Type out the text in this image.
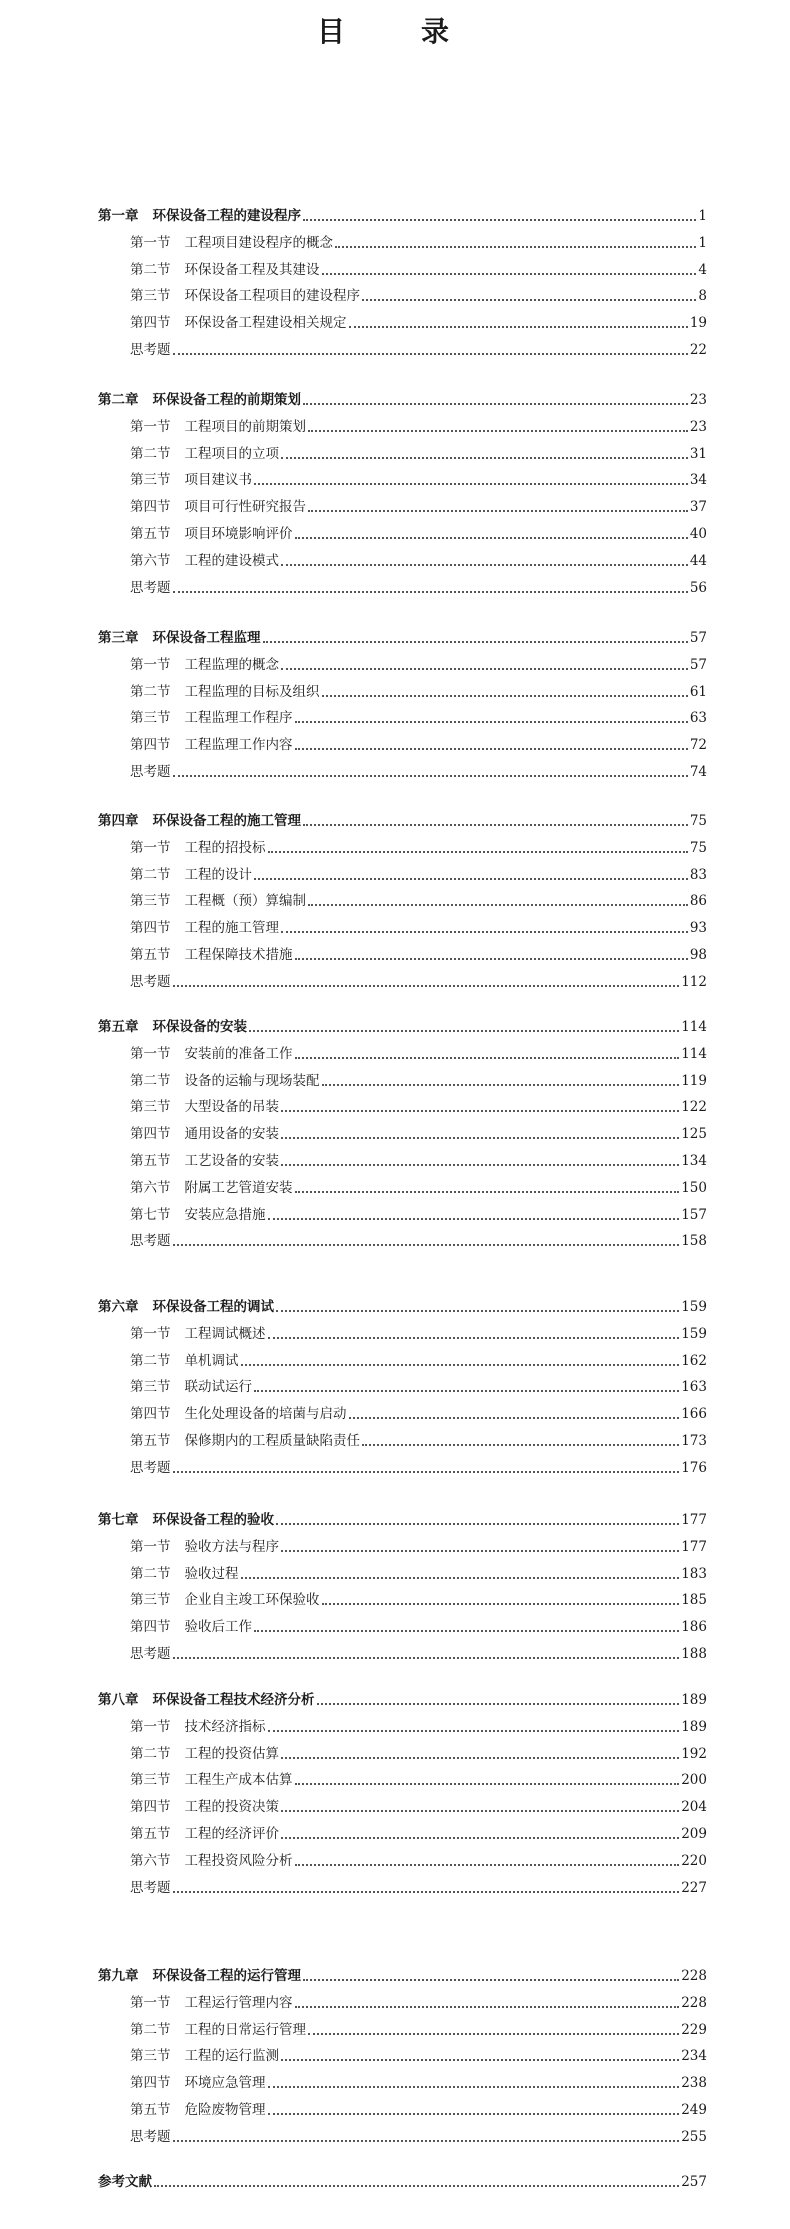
目　录
第一章 环保设备工程的建设程序	1
第一节 工程项目建设程序的概念	1
第二节 环保设备工程及其建设	4
第三节 环保设备工程项目的建设程序	8
第四节 环保设备工程建设相关规定	19
思考题	22
第二章 环保设备工程的前期策划	23
第一节 工程项目的前期策划	23
第二节 工程项目的立项	31
第三节 项目建议书	34
第四节 项目可行性研究报告	37
第五节 项目环境影响评价	40
第六节 工程的建设模式	44
思考题	56
第三章 环保设备工程监理	57
第一节 工程监理的概念	57
第二节 工程监理的目标及组织	61
第三节 工程监理工作程序	63
第四节 工程监理工作内容	72
思考题	74
第四章 环保设备工程的施工管理	75
第一节 工程的招投标	75
第二节 工程的设计	83
第三节 工程概（预）算编制	86
第四节 工程的施工管理	93
第五节 工程保障技术措施	98
思考题	112
第五章 环保设备的安装	114
第一节 安装前的准备工作	114
第二节 设备的运输与现场装配	119
第三节 大型设备的吊装	122
第四节 通用设备的安装	125
第五节 工艺设备的安装	134
第六节 附属工艺管道安装	150
第七节 安装应急措施	157
思考题	158
第六章 环保设备工程的调试	159
第一节 工程调试概述	159
第二节 单机调试	162
第三节 联动试运行	163
第四节 生化处理设备的培菌与启动	166
第五节 保修期内的工程质量缺陷责任	173
思考题	176
第七章 环保设备工程的验收	177
第一节 验收方法与程序	177
第二节 验收过程	183
第三节 企业自主竣工环保验收	185
第四节 验收后工作	186
思考题	188
第八章 环保设备工程技术经济分析	189
第一节 技术经济指标	189
第二节 工程的投资估算	192
第三节 工程生产成本估算	200
第四节 工程的投资决策	204
第五节 工程的经济评价	209
第六节 工程投资风险分析	220
思考题	227
第九章 环保设备工程的运行管理	228
第一节 工程运行管理内容	228
第二节 工程的日常运行管理	229
第三节 工程的运行监测	234
第四节 环境应急管理	238
第五节 危险废物管理	249
思考题	255
参考文献	257
